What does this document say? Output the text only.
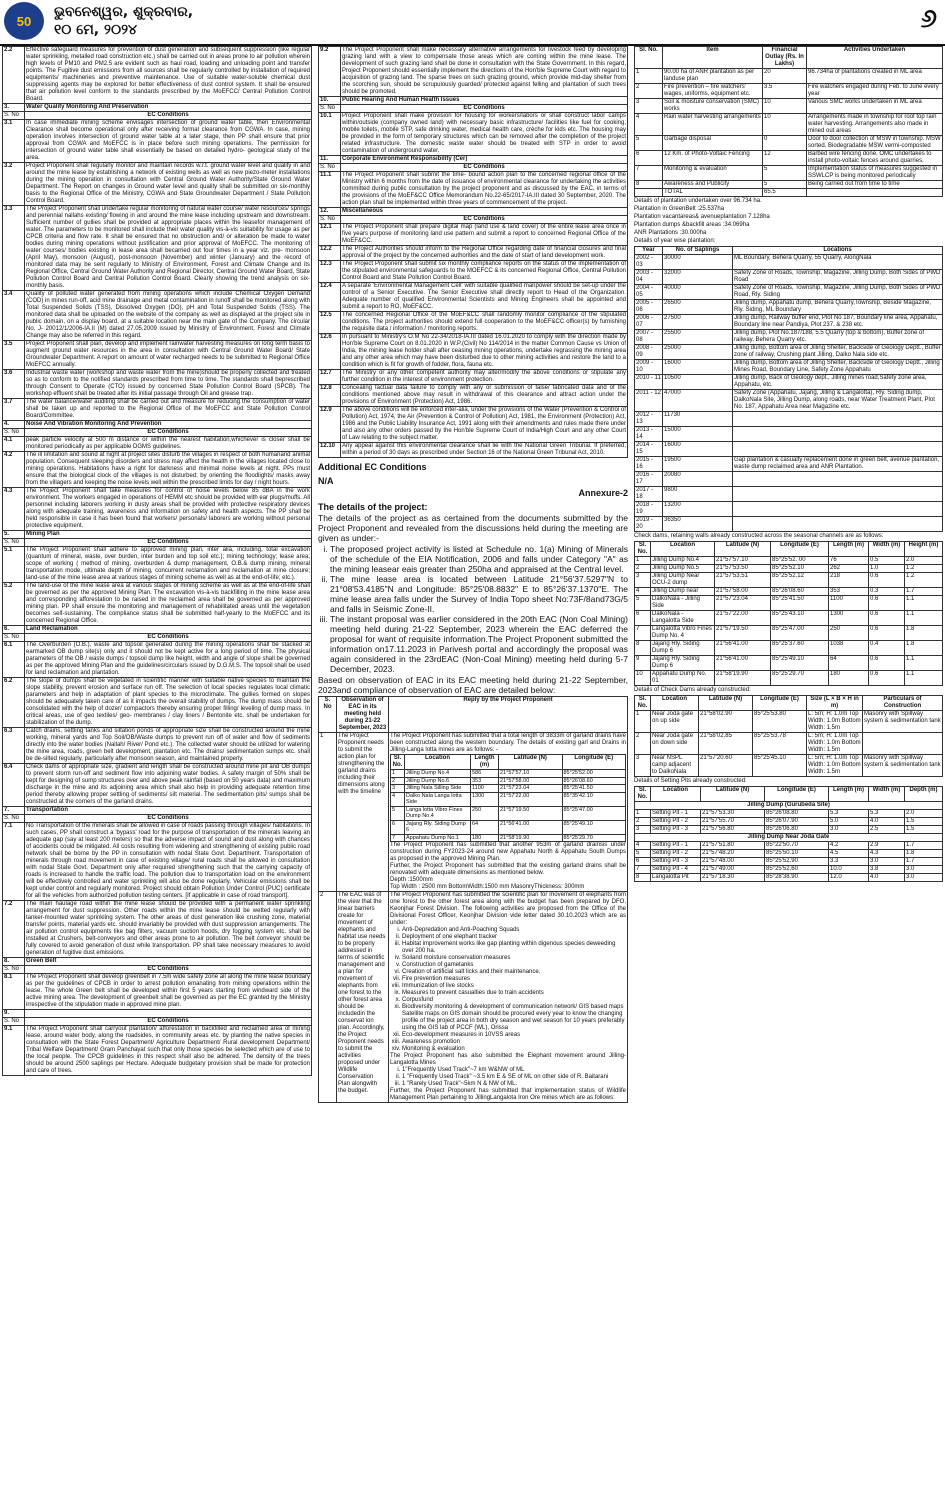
50
ଭୁବନେଶ୍ୱର, ଶୁକ୍ରବାର,
୧୦ ମେ, ୨୦୨୪	୬
2.2	Effective safeguard measures for prevention of dust generation and subsequent suppression (like regular water sprinkling, metalled road construction etc.) shall be carried out in areas prone to air pollution wherein high levels of PM10 and PM2.5 are evident such as haul road, loading and unloading point and transfer points. The Fugitive dust emissions from all sources shall be regularly controlled by installation of required equipments/ machineries and preventive maintenance. Use of suitable water-soluble chemical dust suppressing agents may be explored for better effectiveness of dust control system. It shall be ensured that air pollution level conform to the standards prescribed by the MoEFCC/ Central Pollution Control Board.
3.	Water Quality Monitoring And Preservation
S. No	EC Conditions
3.1	In case immediate mining scheme envisages intersection of ground water table, then Environmental Clearance shall become operational only after receiving formal clearance from CGWA. In case, mining operation involves intersection of ground water table at a later stage, then PP shall ensure that prior approval from CGWA and MoEFCC is in place before such mining operations. The permission for intersection of ground water table shall essentially be based on detailed hydro- geological study of the area.
3.2	Project Proponent shall regularly monitor and maintain records w.r.t. ground water level and quality in and around the mine lease by establishing a network of existing wells as well as new piezo-meter installations during the mining operation in consultation with Central Ground Water Authority/State Ground Water Department. The Report on changes in Ground water level and quality shall be submitted on six-monthly basis to the Regional Office of the Ministry, CGWA and State Groundwater Department / State Pollution Control Board.
3.3	The Project Proponent shall undertake regular monitoring of natural water course/ water resources/ springs and perennial nallahs existing/ flowing in and around the mine lease including upstream and downstream. Sufficient number of gullies shall be provided at appropriate places within the leasefor management of water. The parameters to be monitored shall include their water quality vis-à-vis suitability for usage as per CPCB criteria and flow rate. It shall be ensured that no obstruction and/ or alteration be made to water bodies during mining operations without justification and prior approval of MoEFCC. The monitoring of water courses/ bodies existing in lease area shall becarried out four times in a year viz. pre- monsoon (April May), monsoon (August), post-monsoon (November) and winter (January) and the record of monitored data may be sent regularly to Ministry of Environment, Forest and Climate Change and its Regional Office, Central Ground Water Authority and Regional Director, Central Ground Water Board, State Pollution Control Board and Central Pollution Control Board. Clearly showing the trend analysis on six-monthly basis.
3.4	Quality of polluted water generated from mining operations which include Chemical Oxygen Demand (COD) in mines run-off, acid mine drainage and metal contamination in runoff shall be monitored along with Total Suspended Solids (TSS), Dissolved Oxygen (DO), pH and Total Suspended Solids (TSS). The monitored data shall be uploaded on the website of the company as well as displayed at the project site in public domain, on a display board, at a suitable location near the main gate of the Company. The circular No. J- 20012/1/2006-IA.II (M) dated 27.05.2009 issued by Ministry of Environment, Forest and Climate Change may also be referred in this regard.
3.5	Project Proponent shall plan, develop and implement rainwater harvesting measures on long term basis to augment ground water resources in the area in consultation with Central Ground Water Board/ State Groundwater Department. A report on amount of water recharged needs to be submitted to Regional Office MoEFCC annually.
3.6	Industrial waste water (workshop and waste water from the mine)should be properly collected and treated so as to conform to the notified standards prescribed from time to time. The standards shall beprescribed through Consent to Operate (CTO) issued by concerned State Pollution Control Board (SPCB). The workshop effluent shall be treated after its initial passage through Oil and grease trap.
3.7	The water balance/water auditing shall be carried out and measure for reducing the consumption of water shall be taken up and reported to the Regional Office of the MoEFCC and State Pollution Control Board/Committee.
4.	Noise And Vibration Monitoring And Prevention
S. No	EC Conditions
4.1	peak particle velocity at 500 m distance or within the nearest habitation,whichever is closer shall be monitored periodically as per applicable DGMS guidelines.
4.2	The ill limitation and sound at night at project sites disturb the villages in respect of both humanand animal population. Consequent sleeping disorders and stress may affect the health in the villages located close to mining operations. Habitations have a right for darkness and minimal noise levels at night. PPs must ensure that the biological clock of the villages is not disturbed; by orienting the floodlights/ masks away from the villagers and keeping the noise levels well within the prescribed limits for day / night hours.
4.3	The Project Proponent shall take measures for control of noise levels below 85 dBA in the work environment. The workers engaged in operations of HEMM etc should be provided with ear plugs/muffs. All personnel including laborers working in dusty areas shall be provided with protective respiratory devices along with adequate training, awareness and information on safety and health aspects. The PP shall be held responsible in case it has been found that workers/ personals/ laborers are working without personal protective equipment.
5.	Mining Plan
S. No	EC Conditions
5.1	The Project Proponent shall adhere to approved mining plan, inter alia, including, total excavation (quantum of mineral, waste, over burden, inter burden and top soil etc.); mining technology; lease area; scope of working ( method of mining, overburden & dump management, O.B.& dump mining, mineral transportation mode, ultimate depth of mining, concurrent reclamation and reclamation at mine closure; land-use of the mine lease area at various stages of mining scheme as well as at the end-of-life; etc.).
5.2	The land-use of the mine lease area at various stages of mining scheme as well as at the end-of-life shall be governed as per the approved Mining Plan. The excavation vis-à-vis backfilling in the mine lease area and corresponding afforestation to be raised in the reclaimed area shall be governed as per approved mining plan. PP shall ensure the monitoring and management of rehabilitated areas until the vegetation becomes self-sustaining. The compliance status shall be submitted half-yearly to the MoEFCC and its concerned Regional Office.
6.	Land Reclamation
S. No	EC Conditions
6.1	The Overburden (O.B.), waste and topsoil generated during the mining operations shall be stacked at earmarked OB dump site(s) only and it should not be kept active for a long period of time. The physical parameters of the OB / waste dumps / topsoil dump like height, width and angle of slope shall be governed as per the approved Mining Plan and the guidelines/circulars issued by D.G.M.S. The topsoil shall be used for land reclamation and plantation.
6.2	The slope of dumps shall be vegetated in scientific manner with suitable native species to maintain the slope stability, prevent erosion and surface run off. The selection of local species regulates local climatic parameters and help in adaptation of plant species to the microclimate. The gullies formed on slopes should be adequately taken care of as it impacts the overall stability of dumps. The dump mass should be consolidated with the help of dozer/ compactors thereby ensuring proper filling/ leveling of dump mass. In critical areas, use of geo textiles/ geo- membranes / clay liners / Bentonite etc. shall be undertaken for stabilization of the dump.
6.3	Catch drains, settling tanks and siltation ponds of appropriate size shall be constructed around the mine working, mineral yards and Top Soil/OB/Waste dumps to prevent run off of water and flow of sediments directly into the water bodies (Nallah/ River/ Pond etc.). The collected water should be utilized for watering the mine area, roads, green belt development, plantation etc. The drains/ sedimentation sumps etc. shall be de-silted regularly, particularly after monsoon season, and maintained properly.
6.4	Check dams of appropriate size, gradient and length shall be constructed around mine pit and OB dumps to prevent storm run-off and sediment flow into adjoining water bodies. A safety margin of 50% shall be kept for designing of sump structures over and above peak rainfall (based on 50 years data) and maximum discharge in the mine and its adjoining area which shall also help in providing adequate retention time period thereby allowing proper settling of sediments/ silt material. The sedimentation pits/ sumps shall be constructed at the corners of the garland drains.
7.	Transportation
S. No	EC Conditions
7.1	No Transportation of the minerals shall be allowed in case of roads passing through villages/ habitations. In such cases, PP shall construct a 'bypass' road for the purpose of transportation of the minerals leaving an adequate gap (say at least 200 meters) so that the adverse impact of sound and dust along with chances of accidents could be mitigated. All costs resulting from widening and strengthening of existing public road network shall be borne by the PP in consultation with nodal State Govt. Department. Transportation of minerals through road movement in case of existing village/ rural roads shall be allowed in consultation with nodal State Govt. Department only after required strengthening such that the carrying capacity of roads is increased to handle the traffic load. The pollution due to transportation load on the environment will be effectively controlled and water sprinkling will also be done regularly. Vehicular emissions shall be kept under control and regularly monitored. Project should obtain Pollution Under Control (PUC) certificate for all the vehicles from authorized pollution testing centers. [If applicable in case of road transport].
7.2	The main haulage road within the mine lease should be provided with a permanent water sprinkling arrangement for dust suppression. Other roads within the mine lease should be wetted regularly with tanker-mounted water sprinkling system. The other areas of dust generation like crushing zone, material transfer points, material yards etc. should invariably be provided with dust suppression arrangements. The air pollution control equipments like bag filters, vacuum suction hoods, dry fogging system etc. shall be installed at Crushers, belt-conveyors and other areas prone to air pollution. The belt conveyor should be fully covered to avoid generation of dust while transportation. PP shall take necessary measures to avoid generation of fugitive dust emissions.
8.	Green Belt
S. No	EC Conditions
8.1	The Project Proponent shall develop greenbelt in 7.5m wide safety zone all along the mine lease boundary as per the guidelines of CPCB in order to arrest pollution emanating from mining operations within the lease. The whole Green belt shall be developed within first 5 years starting from windward side of the active mining area. The development of greenbelt shall be governed as per the EC granted by the Ministry irrespective of the stipulation made in approved mine plan.
9.	
S. No	EC Conditions
9.1	The Project Proponent shall carryout plantation/ afforestation in backfilled and reclaimed area of mining lease, around water body, along the roadsides, in community areas etc. by planting the native species in consultation with the State Forest Department/ Agriculture Department/ Rural development Department/ Tribal Welfare Department/ Gram Panchayat such that only those species be selected which are of use to the local people. The CPCB guidelines in this respect shall also be adhered. The density of the trees should be around 2500 saplings per Hectare. Adequate budgetary provision shall be made for protection and care of trees.
9.2	The Project Proponent shall make necessary alternative arrangements for livestock feed by developing grazing land with a view to compensate those areas which are coming within the mine lease. The development of such grazing land shall be done in consultation with the State Government. In this regard, Project Proponent should essentially implement the directions of the Hon'ble Supreme Court with regard to acquisition of grazing land. The sparse trees on such grazing ground, which provide mid-day shelter from the scorching sun, should be scrupulously guarded/ protected against felling and plantation of such trees should be promoted.
10.	Public Hearing And Human Health Issues
S. No	EC Conditions
10.1	Project Proponent shall make provision for housing for workers/labors or shall construct labor camps within/outside (company owned land) with necessary basic infrastructure/ facilities like fuel for cooking, mobile toilets, mobile STP, safe drinking water, medical health care, crèche for kids etc. The housing may be provided in the form of temporary structures which can be removed after the completion of the project related infrastructure. The domestic waste water should be treated with STP in order to avoid contamination of underground water.
11.	Corporate Environment Responsibility (Cer)
S. No	EC Conditions
11.1	The Project Proponent shall submit the time- bound action plan to the concerned regional office of the Ministry within 6 months from the date of issuance of environmental clearance for undertaking the activities committed during public consultation by the project proponent and as discussed by the EAC, in terms of the provisions of the MoEF&CC Office Memorandum No.22-65/2017-IA.III dated 30 September, 2020. The action plan shall be implemented within three years of commencement of the project.
12.	Miscellaneous
S. No	EC Conditions
12.1	The Project Proponent shall prepare digital map (land use & land cover) of the entire lease area once in five years purpose of monitoring land use pattern and submit a report to concerned Regional Office of the MoEF&CC.
12.2	The Project Authorities should inform to the Regional Office regarding date of financial closures and final approval of the project by the concerned authorities and the date of start of land development work.
12.3	The Project Proponent shall submit six monthly compliance reports on the status of the implementation of the stipulated environmental safeguards to the MOEFCC & its concerned Regional Office, Central Pollution Control Board and State Pollution Control Board.
12.4	A separate 'Environmental Management Cell' with suitable qualified manpower should be set-up under the control of a Senior Executive. The Senior Executive shall directly report to Head of the Organization. Adequate number of qualified Environmental Scientists and Mining Engineers shall be appointed and submit a report to RO, MoEF&CC.
12.5	The concerned Regional Office of the MoEF&CC shall randomly monitor compliance of the stipulated conditions. The project authorities should extend full cooperation to the MoEF&CC officer(s) by furnishing the requisite data / information / monitoring reports.
12.6	In pursuant to Ministry's O.M No 22-34/2018-IA.III dated 16.01.2020 to comply with the direction made by Hon'ble Supreme Court on 8.01.2020 in W.P.(Civil) No 114/2014 in the matter Common Cause vs Union of India, the mining lease holder shall after ceasing mining operations, undertake regrassing the mining area and any other area which may have been disturbed due to other mining activities and restore the land to a condition which is fit for growth of fodder, flora, fauna etc.
12.7	The Ministry or any other competent authority may alter/modify the above conditions or stipulate any further condition in the interest of environment protection.
12.8	Concealing factual data failure to comply with any or submission of false/ fabricated data and of the conditions mentioned above may result in withdrawal of this clearance and attract action under the provisions of Environment (Protection) Act, 1986.
12.9	The above conditions will be enforced inter-alia, under the provisions of the Water (Prevention & Control of Pollution) Act, 1974, the Air (Prevention & Control of Pollution) Act, 1981, the Environment (Protection) Act, 1986 and the Public Liability Insurance Act, 1991 along with their amendments and rules made there under and also any other orders passed by the Hon'ble Supreme Court of India/High Court and any other Court of Law relating to the subject matter.
12.10	Any appeal against this environmental clearance shall lie with the National Green Tribunal. If preferred, within a period of 30 days as prescribed under Section 16 of the National Green Tribunal Act, 2010.
Additional EC Conditions
N/A
Annexure-2
The details of the project:
The details of the project as as certained from the documents submitted by the Project Proponent and revealed from the discussions held during the meeting are given as under:-
i. The proposed project activity is listed at Schedule no. 1(a) Mining of Minerals of the schedule of the EIA Notification, 2006 and falls under Category "A" as the mining leasear eais greater than 250ha and appraised at the Central level.
ii. The mine lease area is located between Latitude 21°56'37.5297"N to 21°08'53.4185"N and Longitude: 85°25'08.8832" E to 85°26'37.1370"E. The mine lease area falls under the Survey of India Topo sheet No:73F/8and73G/5 and falls in Seismic Zone-II.
iii. The instant proposal was earlier considered in the 20th EAC (Non Coal Mining) meeting held during 21-22 September, 2023 wherein the EAC deferred the proposal for want of requisite information.The Project Proponent submitted the information on17.11.2023 in Parivesh portal and accordingly the proposal was again considered in the 23rdEAC (Non-Coal Mining) meeting held during 5-7 December, 2023.
Based on observation of EAC in its EAC meeting held during 21-22 September, 2023and compliance of observation of EAC are detailed below:
S. No	Observation of EAC in its meeting held during 21-22 September, 2023	Reply by the Project Proponent
1	The Project Proponent needs to submit the action plan for strengthening the garland drains including their dimensions along with the timeline	
The Project Proponent has submitted that a total length of 3833m of garland drains have been constructed along the western boundary. The details of existing garl and Drains in Jilling-Langa lotta mines are as follows: -
Sl. No.	Location	Length (m)	Latitude (N)	Longitude (E)
1	Jilling Dump No.4	586	21°57'57.10	85°25'52.00
2	Jilling Dump No.6	353	21°57'58.00	85°26'08.60
3	Jilling Nala Silling Side	1100	21°57'23.04	85°25'41.50
4	Dalko Nala Langa lotta Side	1300	21°57'22.00	85°35'42.10
5	Langa lotta Vibro Fines Dump No.4	250	21°57'19.50	85°25'47.00
6	Jajang Rly. Siding Dump 6	64	21°56'41.00	85°25'49.10
7	Appahatu Dump No.1	180	21°58'19.90	85°25'29.70
The Project Proponent has submitted that another 953m of garland drainsis under construction during FY2023-24 around new Appahatu North & Appahatu South Dumps as proposed in the approved Mining Plan.
Further, the Project Proponent has submitted that the existing garland drains shall be renovated with adequate dimensions as mentioned below.
Depth :1500mm
Top Width : 2500 mm BottomWidth:1500 mm MasonryThickness: 300mm

2	The EAC was of the view that the linear barriers create for movement of elephants and habitat use needs to be properly addressed in terms of scientific management and a plan for movement of elephants from one forest to the other forest area should be includedin the conservat ion plan. Accordingly, the Project Proponent needs to submit the activities proposed under Wildlife Conservation Plan alongwith the budget.	
The Project Proponent has submitted the scientific plan for movement of elephants from one forest to the other forest area along with the budget has been prepared by DFO, Keonjhar Forest Division. The following activities are proposed from the Office of the Divisional Forest Officer, Keonjhar Division vide letter dated 30.10.2023 which are as under:
i. Anti-Depredation and Anti-Poaching Squads
ii. Deployment of one elephant tracker
iii. Habitat improvement works like gap planting within digenous species deweeding over 200 ha.
iv. Soiland moisture conservation measures
v. Construction of gametanks
vi. Creation of artificial salt licks and their maintenance.
vii. Fire prevention measures
viii. Immunization of live stocks
ix. Measures to prevent casualties due to train accidents
x. Corpusfund
xi. Biodiversity monitoring & development of communication network/ GIS based maps Satellite maps on GIS domain should be procured every year to know the changing profile of the project area in both dry season and wet season for 10 years preferably using the GIS lab of PCCF (WL), Orissa
xii. Eco-development measures in 10VSS areas
xiii. Awareness promotion
xiv. Monitoring & evaluation
The Project Proponent has also submitted the Elephant movement around Jilling-Langalotta Mines
i. 1"Frequently Used Track"~7 km W&NW of ML
ii. 1 "Frequently Used Track" ~3.5 km E & SE of ML on other side of R. Baitarani
iii. 1 "Rarely Used Track"~5km N & NW of ML.
Further, the Project Proponent has submitted that implementation status of Wildlife Management Plan pertaining to JillingLangalota Iron Ore mines which are as follows:
Sl. No.	Item	Financial Outlay (Rs. In Lakhs)	Activities Undertaken
1	90.00 ha of ANR plantation as per landuse plan	20	96.734ha of plantations created in ML area
2	Fire prevention – fire watchers' wages, uniforms, equipment etc.	3.5	Fire watchers engaged during Feb. to June every year
3	Soil & moisture conservation (SMC) works	10	Various SMC works undertaken in ML area
4	Rain water harvesting arrangements	10	Arrangements made in township for roof top rain water harvesting. Arrangements also made in mined out areas
5	Garbage disposal	0	Door to door collection of MSW in township. MSW sorted. Biodegradable MSW vermi-composted
6	12 Km. of Photo-Voltaic Fencing	12	Barbed wire fencing done. OMC undertakes to install photo-voltaic fences around quarries.
7	Monitoring & evaluation	5	Implementation status of measures suggested in SSWLCP is being monitored periodically
8	Awareness and Publicity	5	Being carried out from time to time
	TOTAL	65.5	
Details of plantation undertaken over 96.734 ha.
Plantation in GreenBelt :25.537ha
Plantation vacantareas& avenueplantation 7.128ha
Plantation dumps &backfill areas :34.069ha
ANR Plantations :30.000ha
Details of year wise plantation:
Year	No. of Saplings	Locations
2002 - 03	30000	ML Boundary, Behera Quarry, 55 Quarry, AlongNala
2003 - 04	32000	Safety Zone of Roads, Township, Magazine, Jilling Dump, Both Sides of PWD Road
2004 - 05	40000	Safety Zone of Roads, Township, Magazine, Jilling Dump, Both Sides of PWD Road, Rly. Siding
2005 - 06	26500	Jilling dump, Appahatu dump, Behera Quarry,Township, Beside Magazine, Rly. Siding, ML Boundary
2006 - 07	27500	Jilling dump, Railway buffer end, Plot No 187, Boundary line area, Appahatu, Boundary line near Pandiya, Plot 237. & 238 etc.
2007 - 08	25500	Jilling dump, Plot No.187/188, 5.5 Quarry (top & bottom), Buffer zone of railway, Behera Quarry etc.
2008 - 09	25000	Jilling dump, Bottom area of Jilling Shelter, Backside of Geology Deptt., Buffer zone of railway, Crushing plant Jilling, Dalko Nala side etc.
2009 - 10	16000	Jilling dump, Bottom area of Jilling Shelter, Backside of Geology Deptt., Jilling Mines Road, Boundary Line, Safety Zone Appahatu
2010 - 11	10500	Jilling dump, Back of Geology dept., Jilling mines road,Safety zone area, Appahatu, etc.
2011 - 12	47000	Safety Zone (Appahatu, Jajang, Jilling & Langalotta), Rly. Siding dump, DalkoNala Site, Jilling Dump, along roads, near Water Treatment Plant, Plot No. 187, Appahatu Area near Magazine etc.
2012 - 13	11730	
2013 - 14	15000	
2014 - 15	16000	
2015 - 16	19500	Gap plantation & casualty replacement done in green belt, avenue plantation, waste dump reclaimed area and ANR Plantation.
2016 - 17	20080	
2017 - 18	9800	
2018 - 19	13200	
2019 - 20	36350	
Check dams, retaining walls already constructed across the seasonal channels are as follows:
Sl. No.	Location	Latitude (N)	Longitude (E)	Length (m)	Width (m)	Height (m)
1	Jilling Dump No.4	21°57'57.10	85°25'52. 00	76	0.5	2.0
2	Jilling Dump No.5	21°57'53.50	85°25'52.10	262	1.0	1.2
3	Jilling Dump Near OCU-2 dump	21°57'53.51	85°25'52.12	218	0.6	1.2
4	Jilling Dump near	21°57'58.00	85°26'08.60	353	0.3	1.7
5	DalkoNala - Jilling Side	21°57'23.04	85°25'41.50	1100	0.6	1.1
6	DalkoNala - Langalotta Side	21°57'22.00	85°25'43.10	1300	0.6	1.1
7	Langalotta Vibro Fines Dump No. 4	21°57'19.50	85°25'47.00	250	0.6	1.8
8	Jajang Rly. Siding Dump 6	21°56'41.00	85°25'37.60	1038	0.4	1.8
9	Jajang Rly. Siding Dump 6	21°56'41.00	85°25'49.10	64	0.6	1.1
10	Appahatu Dump No. 01	21°58'19.90	85°25'29.70	180	0.6	1.1
Details of Check Dams already constructed:
Sl. No.	Location	Latitude (N)	Longitude (E)	Size (L × B × H in m)	Particulars of Construction
1	Near Joda gate on up side	21°58'02.90	85°25'53.80	L: 5m; H: 1.0m Top Width: 1.0m Bottom Width: 1.5m	Masonry with Spillway system & sedimentation tank
2	Near Joda gate on down side	21°58'02.85	85°25'53.78	L: 5m; H: 1.0m Top Width: 1.0m Bottom Width: 1.5m	
3	Near NSPL camp adjacent to DalkoNala	21°57'20.60	85°25'45.10	L: 5m; H: 1.0m Top Width: 1.0m Bottom Width: 1.5m	Masonry with Spillway system & sedimentation tank
Details of Setting Pits already constructed:
Sl. No.	Location	Latitude (N)	Longitude (E)	Length (m)	Width (m)	Depth (m)
Jilling Dump (Gurubeda Site)						
1	Setting Pit - 1	21°57'53.30	85°26'08.80	5.3	5.3	2.0
2	Setting Pit - 2	21°57'55.70	85°26'07.90	5.0	4.0	1.5
3	Setting Pit - 3	21°57'56.80	85°26'06.80	3.0	2.5	1.5
Jilling Dump Near Joda Gate						
4	Setting Pit - 1	21°57'51.80	85°22'50.70	4.2	2.9	1.7
5	Setting Pit - 2	21°57'48.20	85°25'50.10	4.5	4.3	1.8
6	Setting Pit - 3	21°57'48.00	85°25'52.90	3.3	3.0	1.7
7	Setting Pit - 4	21°57'49.00	85°25'52.60	10.0	3.8	3.0
8	Langalotta Pit	21°57'18.30	85°28'38.90	12.0	4.0	3.0
